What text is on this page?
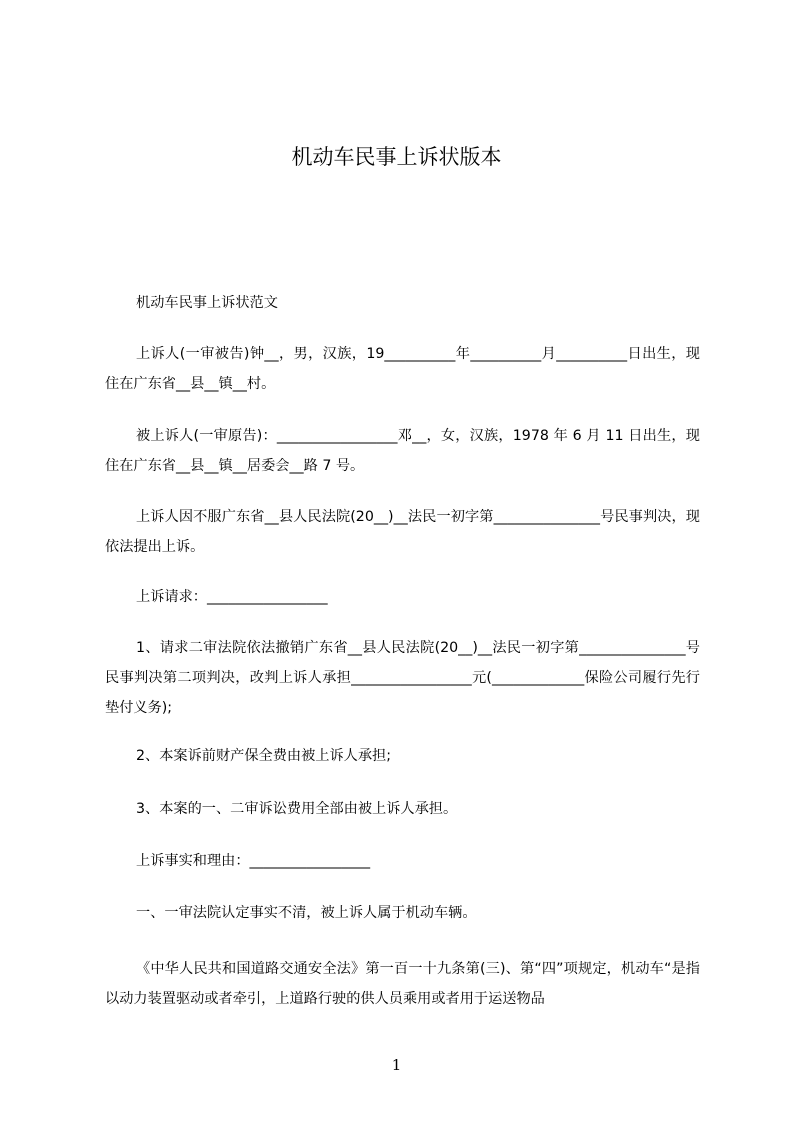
机动车民事上诉状版本
机动车民事上诉状范文
上诉人(一审被告)钟__，男，汉族，19__________年__________月__________日出生，现住在广东省__县__镇__村。
被上诉人(一审原告)：_________________邓__，女，汉族，1978 年 6 月 11 日出生，现住在广东省__县__镇__居委会__路 7 号。
上诉人因不服广东省__县人民法院(20__)__法民一初字第_______________号民事判决，现依法提出上诉。
上诉请求：_________________
1、请求二审法院依法撤销广东省__县人民法院(20__)__法民一初字第_______________号民事判决第二项判决，改判上诉人承担_________________元(_____________保险公司履行先行垫付义务);
2、本案诉前财产保全费由被上诉人承担;
3、本案的一、二审诉讼费用全部由被上诉人承担。
上诉事实和理由：_________________
一、一审法院认定事实不清，被上诉人属于机动车辆。
《中华人民共和国道路交通安全法》第一百一十九条第(三)、第“四”项规定，机动车“是指以动力装置驱动或者牵引，上道路行驶的供人员乘用或者用于运送物品
1
